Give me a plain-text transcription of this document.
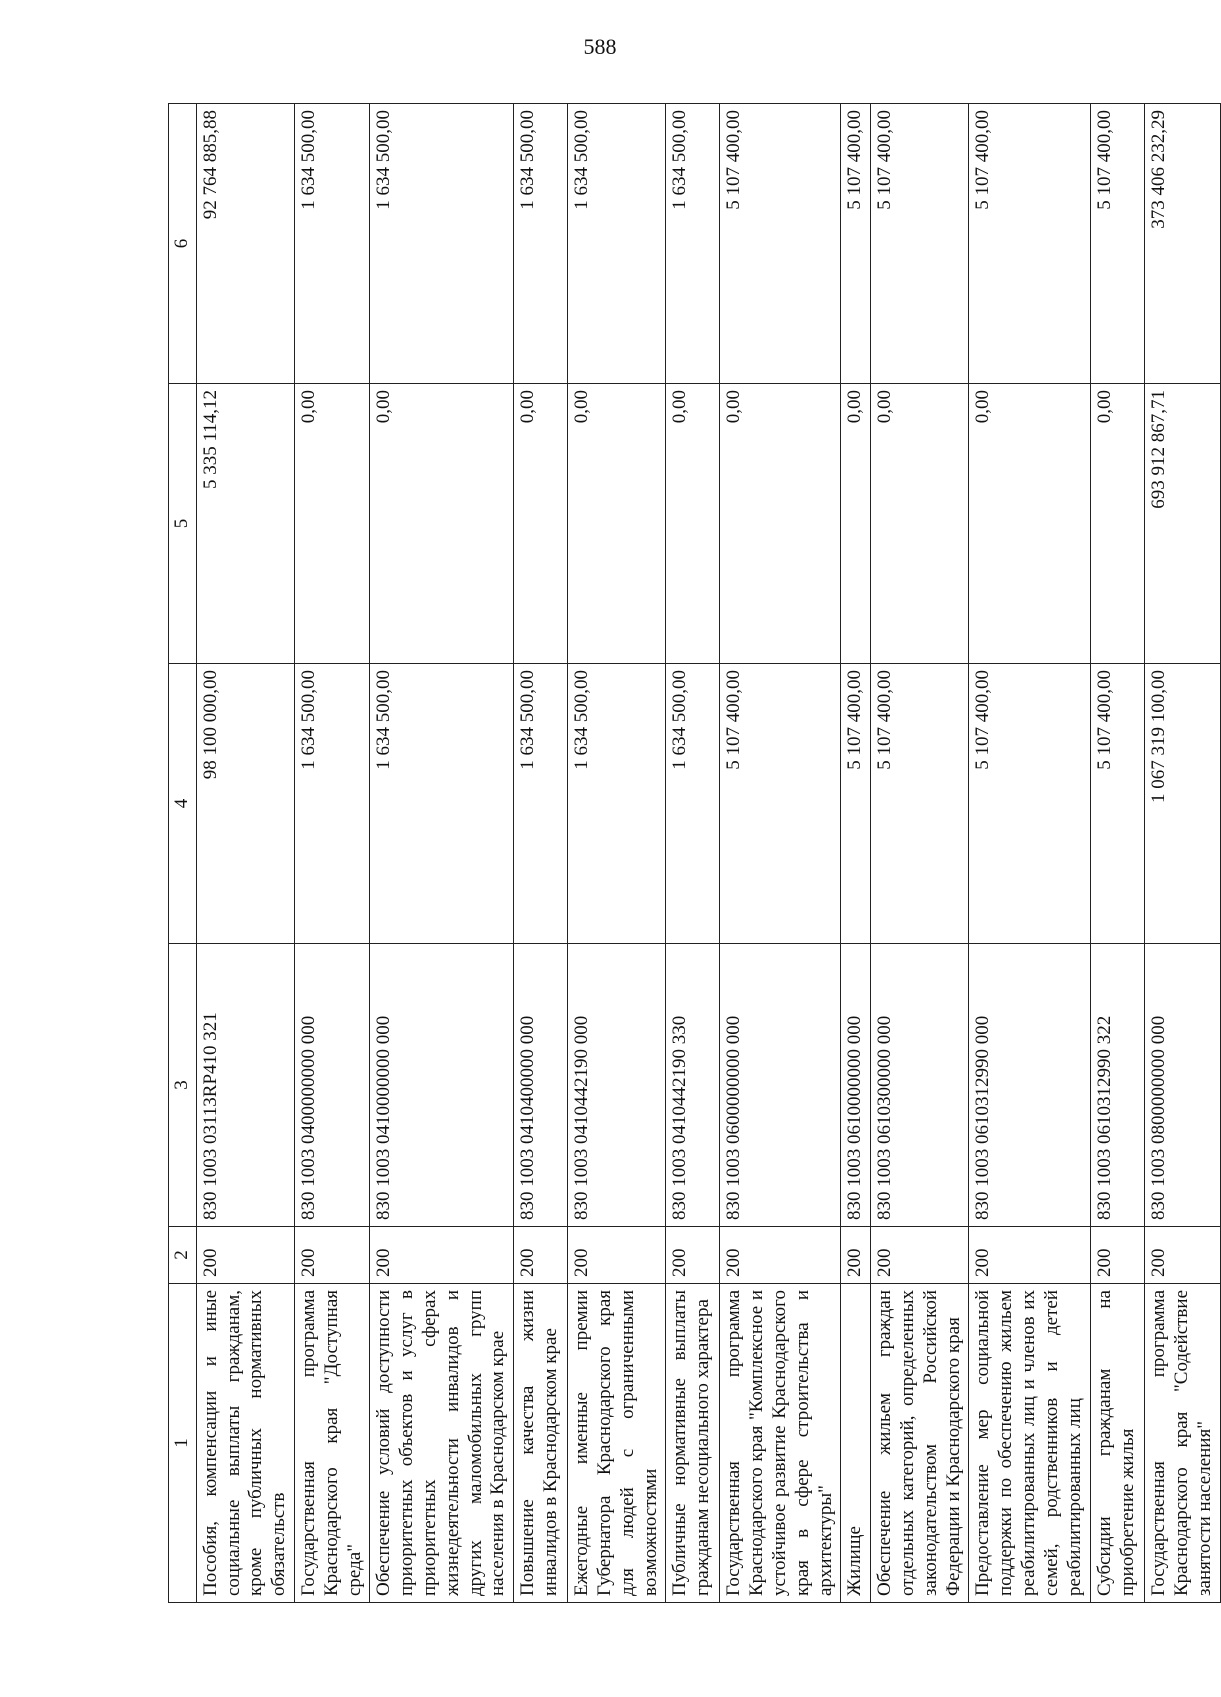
588
1	2	3	4	5	6
Пособия, компенсации и иные социальные выплаты гражданам, кроме публичных нормативных обязательств	200	830 1003 03113RP410 321	98 100 000,00	5 335 114,12	92 764 885,88
Государственная программа Краснодарского края "Доступная среда"	200	830 1003 0400000000 000	1 634 500,00	0,00	1 634 500,00
Обеспечение условий доступности приоритетных объектов и услуг в приоритетных сферах жизнедеятельности инвалидов и других маломобильных групп населения в Краснодарском крае	200	830 1003 0410000000 000	1 634 500,00	0,00	1 634 500,00
Повышение качества жизни инвалидов в Краснодарском крае	200	830 1003 0410400000 000	1 634 500,00	0,00	1 634 500,00
Ежегодные именные премии Губернатора Краснодарского края для людей с ограниченными возможностями	200	830 1003 0410442190 000	1 634 500,00	0,00	1 634 500,00
Публичные нормативные выплаты гражданам несоциального характера	200	830 1003 0410442190 330	1 634 500,00	0,00	1 634 500,00
Государственная программа Краснодарского края "Комплексное и устойчивое развитие Краснодарского края в сфере строительства и архитектуры"	200	830 1003 0600000000 000	5 107 400,00	0,00	5 107 400,00
Жилище	200	830 1003 0610000000 000	5 107 400,00	0,00	5 107 400,00
Обеспечение жильем граждан отдельных категорий, определенных законодательством Российской Федерации и Краснодарского края	200	830 1003 0610300000 000	5 107 400,00	0,00	5 107 400,00
Предоставление мер социальной поддержки по обеспечению жильем реабилитированных лиц и членов их семей, родственников и детей реабилитированных лиц	200	830 1003 0610312990 000	5 107 400,00	0,00	5 107 400,00
Субсидии гражданам на приобретение жилья	200	830 1003 0610312990 322	5 107 400,00	0,00	5 107 400,00
Государственная программа Краснодарского края "Содействие занятости населения"	200	830 1003 0800000000 000	1 067 319 100,00	693 912 867,71	373 406 232,29
